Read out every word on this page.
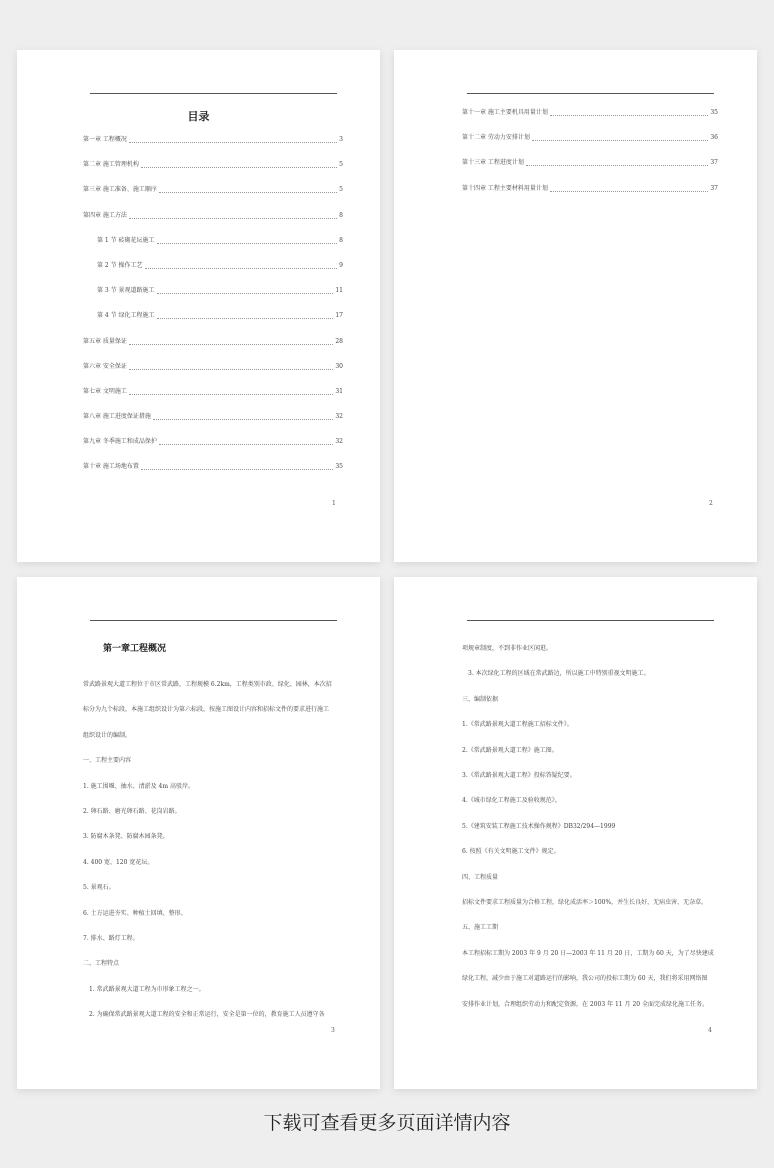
目录
第一章 工程概况	3
第二章 施工管理机构	5
第三章 施工准备、施工顺序	5
第四章 施工方法	8
第 1 节 砖砌花坛施工	8
第 2 节 操作工艺	9
第 3 节 景观道路施工	11
第 4 节 绿化工程施工	17
第五章 质量保证	28
第六章 安全保证	30
第七章 文明施工	31
第八章 施工进度保证措施	32
第九章 冬季施工和成品保护	32
第十章 施工场地布置	35
1
第十一章 施工主要机具用量计划	35
第十二章 劳动力安排计划	36
第十三章 工程进度计划	37
第十四章 工程主要材料用量计划	37
2
第一章工程概况
常武路景观大道工程位于市区常武路，工程规模 6.2km，工程类别市政、绿化、园林，本次招
标分为九个标段，本施工组织设计为第六标段，按施工图设计内容和招标文件的要求进行施工
组织设计的编制。
一、工程主要内容
1. 施工围堰、抽水、清淤及 4m 高驳岸。
2. 卵石路、磨光卵石路、花岗岩路。
3. 防腐木条凳、防腐木园条凳。
4. 400 宽、120 宽花坛。
5. 景观石。
6. 土方运进夯实、种植土回填、整形。
7. 排水、路灯工程。
二、工程特点
1. 常武路景观大道工程为市形象工程之一。
2. 为确保常武路景观大道工程的安全和正常运行，安全是第一位的，教育施工人员遵守各
3
项规章制度，不到非作业区闲逛。
3. 本次绿化工程的区域在常武路边，所以施工中特别重视文明施工。
三、编制依据
1.《常武路景观大道工程施工招标文件》。
2.《常武路景观大道工程》施工图。
3.《常武路景观大道工程》投标答疑纪要。
4.《城市绿化工程施工及验收规范》。
5.《建筑安装工程施工技术操作规程》DB32/294—1999
6. 按照《有关文明施工文件》规定。
四、工程质量
招标文件要求工程质量为合格工程，绿化成活率＞100%，并生长良好，无病虫害、无杂草。
五、施工工期
本工程招标工期为 2003 年 9 月 20 日—2003 年 11 月 20 日，工期为 60 天，为了尽快建成
绿化工程，减少由于施工对道路运行的影响，我公司的投标工期为 60 天，我们将采用网络图
安排作业计划，合理组织劳动力和配定资源，在 2003 年 11 月 20 全面完成绿化施工任务。
4
下载可查看更多页面详情内容
